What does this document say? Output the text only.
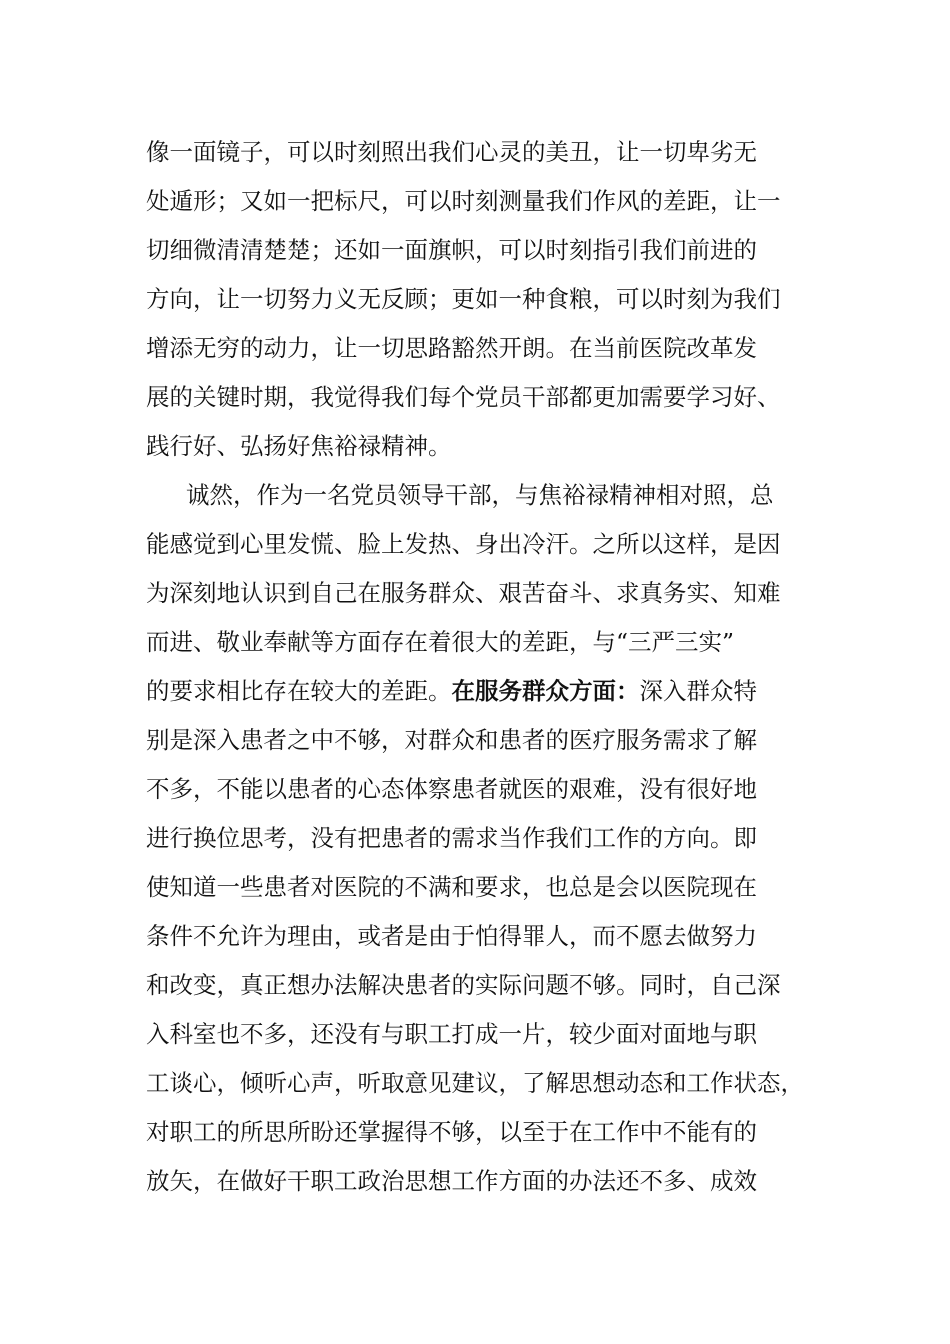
像一面镜子，可以时刻照出我们心灵的美丑，让一切卑劣无
处遁形；又如一把标尺，可以时刻测量我们作风的差距，让一
切细微清清楚楚；还如一面旗帜，可以时刻指引我们前进的
方向，让一切努力义无反顾；更如一种食粮，可以时刻为我们
增添无穷的动力，让一切思路豁然开朗。在当前医院改革发
展的关键时期，我觉得我们每个党员干部都更加需要学习好、
践行好、弘扬好焦裕禄精神。
诚然，作为一名党员领导干部，与焦裕禄精神相对照，总
能感觉到心里发慌、脸上发热、身出冷汗。之所以这样，是因
为深刻地认识到自己在服务群众、艰苦奋斗、求真务实、知难
而进、敬业奉献等方面存在着很大的差距，与“三严三实”
的要求相比存在较大的差距。在服务群众方面：深入群众特
别是深入患者之中不够，对群众和患者的医疗服务需求了解
不多，不能以患者的心态体察患者就医的艰难，没有很好地
进行换位思考，没有把患者的需求当作我们工作的方向。即
使知道一些患者对医院的不满和要求，也总是会以医院现在
条件不允许为理由，或者是由于怕得罪人，而不愿去做努力
和改变，真正想办法解决患者的实际问题不够。同时，自己深
入科室也不多，还没有与职工打成一片，较少面对面地与职
工谈心，倾听心声，听取意见建议，了解思想动态和工作状态，
对职工的所思所盼还掌握得不够，以至于在工作中不能有的
放矢，在做好干职工政治思想工作方面的办法还不多、成效
